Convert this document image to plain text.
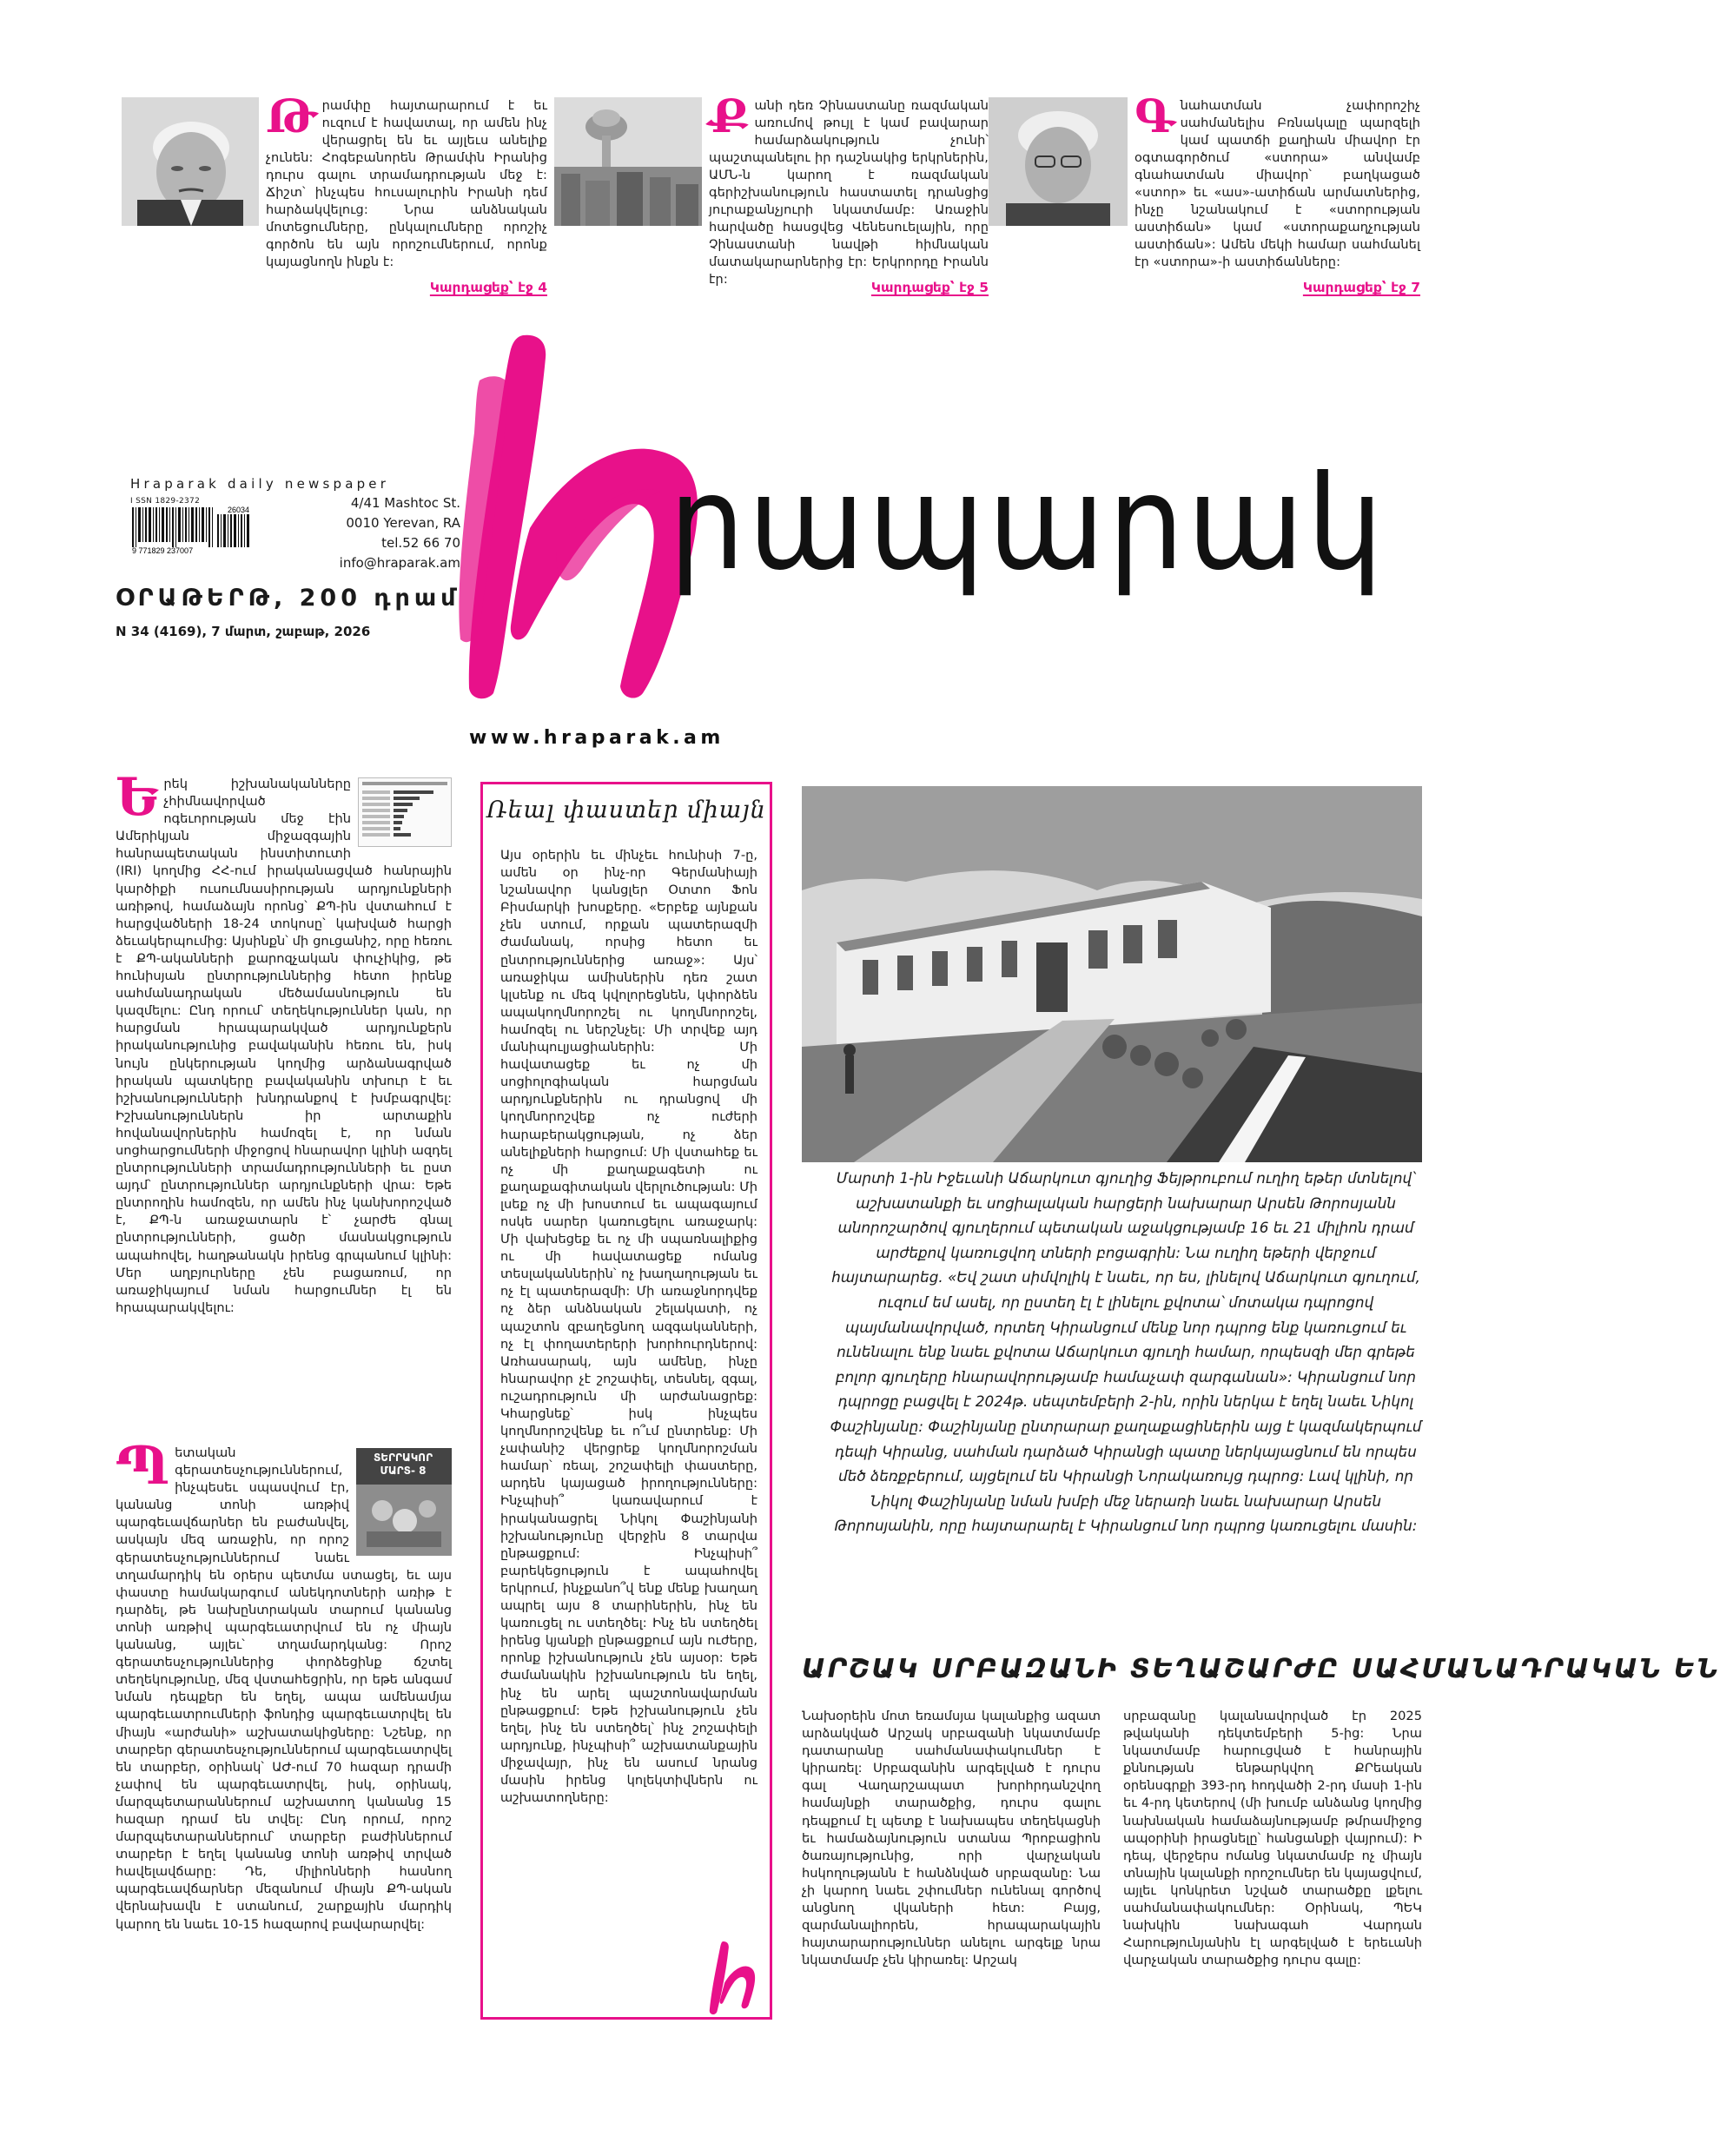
Թ րամփը հայտարարում է եւ ուզում է հավատալ, որ ամեն ինչ վերացրել են եւ այլեւս անելիք չունեն: Հոգեբանորեն Թրամփն Իրանից դուրս գալու տրամադրության մեջ է: Ճիշտ՝ ինչպես հուսալուրին Իրանի դեմ հարձակվելուց: Նրա անձնական մոտեցումները, ընկալումները որոշիչ գործոն են այն որոշումներում, որոնք կայացնողն ինքն է:
Կարդացեք՝ էջ 4
Ք անի դեռ Չինաստանը ռազմական առումով թույլ է կամ բավարար համարձակություն չունի՝ պաշտպանելու իր դաշնակից երկրներին, ԱՄՆ-ն կարող է ռազմական գերիշխանություն հաստատել դրանցից յուրաքանչյուրի նկատմամբ: Առաջին հարվածը հասցվեց Վենեսուելային, որը Չինաստանի նավթի հիմնական մատակարարներից էր: Երկրորդը Իրանն էր:	Կարդացեք՝ էջ 5
Գ նահատման չափորոշիչ սահմանելիս Բռնակալը պարզելի կամ պատճի քաղիան միավոր էր օգտագործում «ստորա» անվամբ գնահատման միավոր՝ բաղկացած «ստոր» եւ «աս»-ատիճան արմատներից, ինչը նշանակում է «ստորության աստիճան» կամ «ստորաքաղչության աստիճան»: Ամեն մեկի համար սահմանել էր «ստորա»-ի աստիճանները:
Կարդացեք՝ էջ 7
րապարակ
www.hraparak.am
Hraparak daily newspaper
4/41 Mashtoc St.
0010 Yerevan, RA
tel.52 66 70
info@hraparak.am
I SSN 1829-2372
26034
9 771829 237007
ՕՐԱԹԵՐԹ, 200 դրամ
N 34 (4169), 7 մարտ, շաբաթ, 2026
Ե րեկ իշխանականները չհիմնավորված ոգեւորության մեջ էին Ամերիկյան միջազգային հանրապետական ինստիտուտի (IRI) կողմից ՀՀ-ում իրականացված հանրային կարծիքի ուսումնասիրության արդյունքների առիթով, համաձայն որոնց՝ ՔՊ-ին վստահում է հարցվածների 18-24 տոկոսը՝ կախված հարցի ձեւակերպումից: Այսինքն՝ մի ցուցանիշ, որը հեռու է ՔՊ-ականների քարոզչական փուչիկից, թե հունիսյան ընտրություններից հետո իրենք սահմանադրական մեծամասնություն են կազմելու: Ընդ որում՝ տեղեկություններ կան, որ հարցման հրապարակված արդյունքերն իրականությունից բավականին հեռու են, իսկ նույն ընկերության կողմից արձանագրված իրական պատկերը բավականին տխուր է եւ իշխանությունների խնդրանքով է խմբագրվել: Իշխանություններն իր արտաքին հովանավորներին համոզել է, որ նման սոցհարցումների միջոցով հնարավոր կլինի ազդել ընտրությունների տրամադրությունների եւ ըստ այդմ՝ ընտրություններ արդյունքների վրա: Եթե ընտրողին համոզեն, որ ամեն ինչ կանխորոշված է, ՔՊ-ն առաջատարն է՝ չարժե գնալ ընտրությունների, ցածր մասնակցություն ապահովել, հաղթանակն իրենց գրպանում կլինի: Մեր աղբյուրները չեն բացառում, որ առաջիկայում նման հարցումներ էլ են հրապարակվելու:
ՏԵՐՐԱԿՈՐ ՄԱՐՏ- 8
Պ ետական գերատեսչություններում, ինչպեսեւ սպասվում էր, կանանց տոնի առթիվ պարգեւավճարներ են բաժանվել, ասկայն մեզ առաջին, որ որոշ գերատեսչություններում նաեւ տղամարդիկ են օրերս պետմա ստացել, եւ այս փաստը համակարգում անեկդոտների առիթ է դարձել, թե նախընտրական տարում կանանց տոնի առթիվ պարգեւատրվում են ոչ միայն կանանց, այլեւ՝ տղամարդկանց: Որոշ գերատեսչություններից փորձեցինք ճշտել տեղեկությունը, մեզ վստահեցրին, որ եթե անգամ նման դեպքեր են եղել, ապա ամենամյա պարգեւատրումների ֆոնդից պարգեւատրվել են միայն «արժանի» աշխատակիցները: Նշենք, որ տարբեր գերատեսչություններում պարգեւատրվել են տարբեր, օրինակ՝ ԱԺ-ում 70 հազար դրամի չափով են պարգեւատրվել, իսկ, օրինակ, մարզպետարաններում աշխատող կանանց 15 հազար դրամ են տվել: Ընդ որում, որոշ մարզպետարաններում՝ տարբեր բաժիններում տարբեր է եղել կանանց տոնի առթիվ տրված հավելավճարը: Դե, միլիոնների հասնող պարգեւավճարներ մեզանում միայն ՔՊ-ական վերնախավն է ստանում, շարքային մարդիկ կարող են նաեւ 10-15 հազարով բավարարվել:
Ռեալ փաստեր միայն
Այս օրերին եւ մինչեւ հունիսի 7-ը, ամեն օր ինչ-որ Գերմանիայի նշանավոր կանցլեր Օտտո Ֆոն Բիսմարկի խոսքերը. «Երբեք այնքան չեն ստում, որքան պատերազմի ժամանակ, որսից հետո եւ ընտրություններից առաջ»: Այս՝ առաջիկա ամիսներին դեռ շատ կլսենք ու մեզ կվոլորեցնեն, կփորձեն ապակողմնորոշել ու կողմնորոշել, համոզել ու ներշնչել: Մի տրվեք այդ մանիպուլյացիաներին: Մի հավատացեք եւ ոչ մի սոցիոլոգիական հարցման արդյունքներին ու դրանցով մի կողմնորոշվեք ոչ ուժերի հարաբերակցության, ոչ ձեր անելիքների հարցում: Մի վստահեք եւ ոչ մի քաղաքագետի ու քաղաքագիտական վերլուծության: Մի լսեք ոչ մի խոստում եւ ապագայում ոսկե սարեր կառուցելու առաջարկ: Մի վախեցեք եւ ոչ մի սպառնալիքից ու մի հավատացեք ոմանց տեսլականներին՝ ոչ խաղաղության եւ ոչ էլ պատերազմի: Մի առաջնորդվեք ոչ ձեր անձնական շելակատի, ոչ պաշտոն զբաղեցնող ազգականների, ոչ էլ փողատերերի խորհուրդներով: Առհասարակ, այն ամենը, ինչը հնարավոր չէ շոշափել, տեսնել, զգալ, ուշադրություն մի արժանացրեք: Կհարցնեք՝ իսկ ինչպես կողմնորոշվենք եւ ո՞ւմ ընտրենք: Մի չափանիշ վերցրեք կողմնորոշման համար՝ ռեալ, շոշափելի փաստերը, արդեն կայացած իրողությունները: Ինչպիսի՞ կառավարում է իրականացրել Նիկոլ Փաշինյանի իշխանությունը վերջին 8 տարվա ընթացքում: Ինչպիսի՞ բարեկեցություն է ապահովել երկրում, ինչքանո՞վ ենք մենք խաղաղ ապրել այս 8 տարիներին, ինչ են կառուցել ու ստեղծել: Ինչ են ստեղծել իրենց կյանքի ընթացքում այն ուժերը, որոնք իշխանություն չեն այսօր: Եթե ժամանակին իշխանություն են եղել, ինչ են արել պաշտոնավարման ընթացքում: Եթե իշխանություն չեն եղել, ինչ են ստեղծել՝ ինչ շոշափելի արդյունք, ինչպիսի՞ աշխատանքային միջավայր, ինչ են ասում նրանց մասին իրենց կոլեկտիվներն ու աշխատողները:
Մարտի 1-ին Իջեւանի Աճարկուտ գյուղից Ֆեյթրուբում ուղիղ եթեր մտնելով՝ աշխատանքի եւ սոցիալական հարցերի նախարար Արսեն Թորոսյանն անորոշարծով գյուղերում պետական աջակցությամբ 16 եւ 21 միլիոն դրամ արժեքով կառուցվող տների բոցագրին: Նա ուղիղ եթերի վերջում հայտարարեց. «Եվ շատ սիմվոլիկ է նաեւ, որ ես, լինելով Աճարկուտ գյուղում, ուզում եմ ասել, որ ըստեղ էլ է լինելու քվոտա՝ մոտակա դպրոցով պայմանավորված, որտեղ Կիրանցում մենք նոր դպրոց ենք կառուցում եւ ունենալու ենք նաեւ քվոտա Աճարկուտ գյուղի համար, որպեսզի մեր գրեթե բոլոր գյուղերը հնարավորությամբ համաչափ զարգանան»: Կիրանցում նոր դպրոցը բացվել է 2024թ. սեպտեմբերի 2-ին, որին ներկա է եղել նաեւ Նիկոլ Փաշինյանը: Փաշինյանը ընտրարար քաղաքացիներին այց է կազմակերպում դեպի Կիրանց, սահման դարձած Կիրանցի պատը ներկայացնում են որպես մեծ ձեռքբերում, այցելում են Կիրանցի Նորակառույց դպրոց: Լավ կլինի, որ Նիկոլ Փաշինյանը նման խմբի մեջ ներառի նաեւ նախարար Արսեն Թորոսյանին, որը հայտարարել է Կիրանցում նոր դպրոց կառուցելու մասին:
ԱՐՇԱԿ ՍՐԲԱԶԱՆԻ ՏԵՂԱՇԱՐԺԸ ՍԱՀՄԱՆԱԴՐԱԿԱՆ ԵՆ
Նախօրեին մոտ եռամսյա կալանքից ազատ արձակված Արշակ սրբազանի նկատմամբ դատարանը սահմանափակումներ է կիրառել: Սրբազանին արգելված է դուրս գալ Վաղարշապատ խորհրդանշվող համայնքի տարածքից, դուրս գալու դեպքում էլ պետք է նախապես տեղեկացնի եւ համաձայնություն ստանա Պրոբացիոն ծառայությունից, որի վարչական հսկողությանն է հանձնված սրբազանը: Նա չի կարող նաեւ շփումներ ունենալ գործով անցնող վկաների հետ: Բայց, զարմանալիորեն, հրապարակային հայտարարություններ անելու արգելք նրա նկատմամբ չեն կիրառել: Արշակ
սրբազանը կալանավորված էր 2025 թվականի դեկտեմբերի 5-ից: Նրա նկատմամբ հարուցված է հանրային քննության ենթարկվող ՔՐեական օրենսգրքի 393-րդ հոդվածի 2-րդ մասի 1-ին եւ 4-րդ կետերով (մի խումբ անձանց կողմից նախնական համաձայնությամբ թմրամիջոց ապօրինի իրացնելը՝ հանցանքի վայրում): Ի դեպ, վերջերս ոմանց նկատմամբ ոչ միայն տնային կալանքի որոշումներ են կայացվում, այլեւ կոնկրետ նշված տարածքը լքելու սահմանափակումներ: Օրինակ, ՊԵԿ նախկին նախագահ Վարդան Հարությունյանին էլ արգելված է երեւանի վարչական տարածքից դուրս գալը:
